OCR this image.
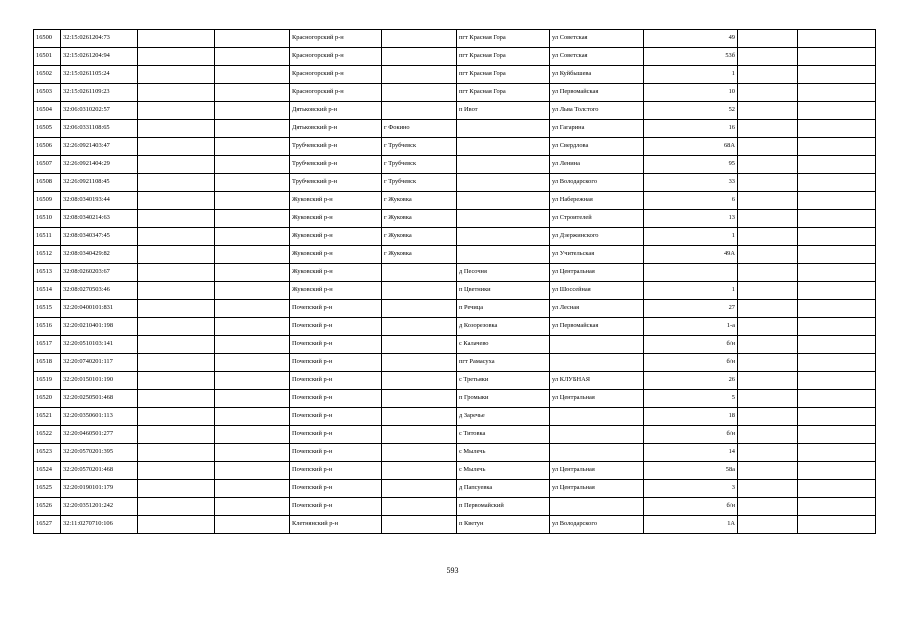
16500	32:15:0261204:73			Красногорский р-н		пгт Красная Гора	ул Советская	49		
16501	32:15:0261204:94			Красногорский р-н		пгт Красная Гора	ул Советская	53б		
16502	32:15:0261105:24			Красногорский р-н		пгт Красная Гора	ул Куйбышева	1		
16503	32:15:0261109:23			Красногорский р-н		пгт Красная Гора	ул Первомайская	10		
16504	32:06:0310202:57			Дятьковский р-н		п Ивот	ул Льва Толстого	52		
16505	32:06:0331108:65			Дятьковский р-н	г Фокино		ул Гагарина	16		
16506	32:26:0921403:47			Трубчевский р-н	г Трубчевск		ул Свердлова	68А		
16507	32:26:0921404:29			Трубчевский р-н	г Трубчевск		ул Ленина	95		
16508	32:26:0921108:45			Трубчевский р-н	г Трубчевск		ул Володарского	33		
16509	32:08:0340193:44			Жуковский р-н	г Жуковка		ул Набережная	6		
16510	32:08:0340214:63			Жуковский р-н	г Жуковка		ул Строителей	13		
16511	32:08:0340347:45			Жуковский р-н	г Жуковка		ул Дзержинского	1		
16512	32:08:0340429:82			Жуковский р-н	г Жуковка		ул Учительская	49А		
16513	32:08:0260203:67			Жуковский р-н		д Песочня	ул Центральная			
16514	32:08:0270503:46			Жуковский р-н		п Цветники	ул Шоссейная	1		
16515	32:20:0400101:831			Почепский р-н		п Речица	ул Лесная	27		
16516	32:20:0210401:198			Почепский р-н		д Козорезовка	ул Первомайская	1-а		
16517	32:20:0510103:141			Почепский р-н		с Калачево		б/н		
16518	32:20:0740201:117			Почепский р-н		пгт Рамасуха		б/н		
16519	32:20:0150101:190			Почепский р-н		с Третьяки	ул КЛУБНАЯ	26		
16520	32:20:0250501:468			Почепский р-н		п Громыки	ул Центральная	5		
16521	32:20:0350601:113			Почепский р-н		д Заречье		18		
16522	32:20:0460501:277			Почепский р-н		с Титовка		б/н		
16523	32:20:0570201:395			Почепский р-н		с Мылечь		14		
16524	32:20:0570201:468			Почепский р-н		с Мылечь	ул Центральная	58а		
16525	32:20:0190101:179			Почепский р-н		д Папсуевка	ул Центральная	3		
16526	32:20:0351201:242			Почепский р-н		п Первомайский		б/н		
16527	32:11:0270710:106			Клетнянский р-н		п Кветун	ул Володарского	1А		
593
